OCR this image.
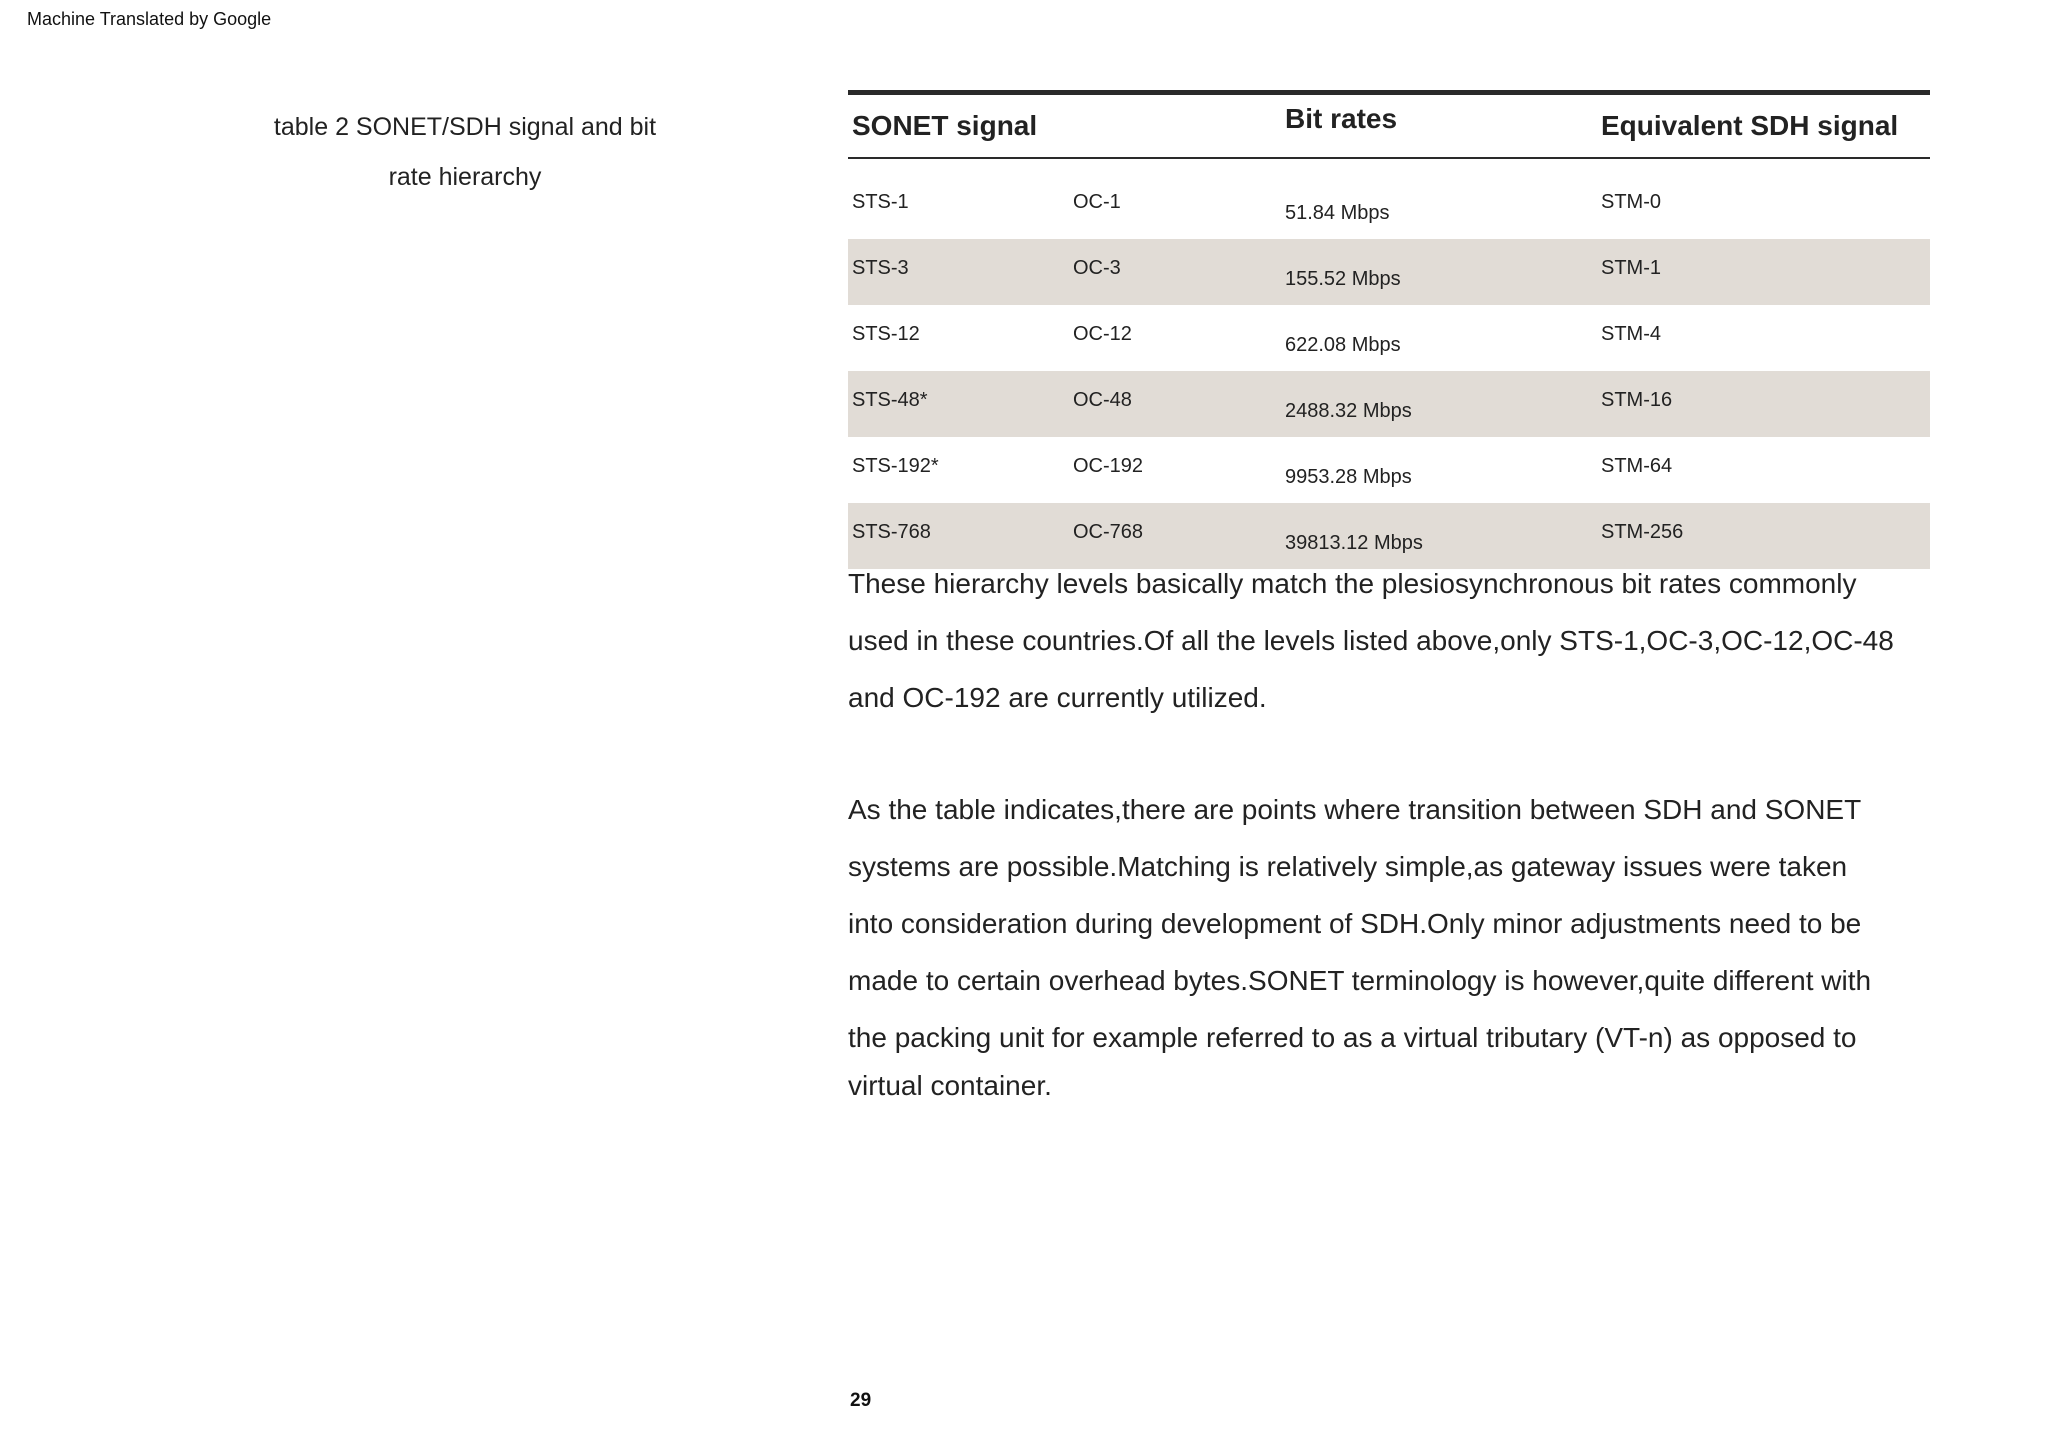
Machine Translated by Google
table 2 SONET/SDH signal and bit
rate hierarchy
SONET signal		Bit rates	Equivalent SDH signal

STS-1	OC-1	51.84 Mbps	STM-0
STS-3	OC-3	155.52 Mbps	STM-1
STS-12	OC-12	622.08 Mbps	STM-4
STS-48*	OC-48	2488.32 Mbps	STM-16
STS-192*	OC-192	9953.28 Mbps	STM-64
STS-768	OC-768	39813.12 Mbps	STM-256
These hierarchy levels basically match the plesiosynchronous bit rates commonly
used in these countries.Of all the levels listed above,only STS-1,OC-3,OC-12,OC-48
and OC-192 are currently utilized.
As the table indicates,there are points where transition between SDH and SONET
systems are possible.Matching is relatively simple,as gateway issues were taken
into consideration during development of SDH.Only minor adjustments need to be
made to certain overhead bytes.SONET terminology is however,quite different with
the packing unit for example referred to as a virtual tributary (VT-n) as opposed to
virtual container.
29
